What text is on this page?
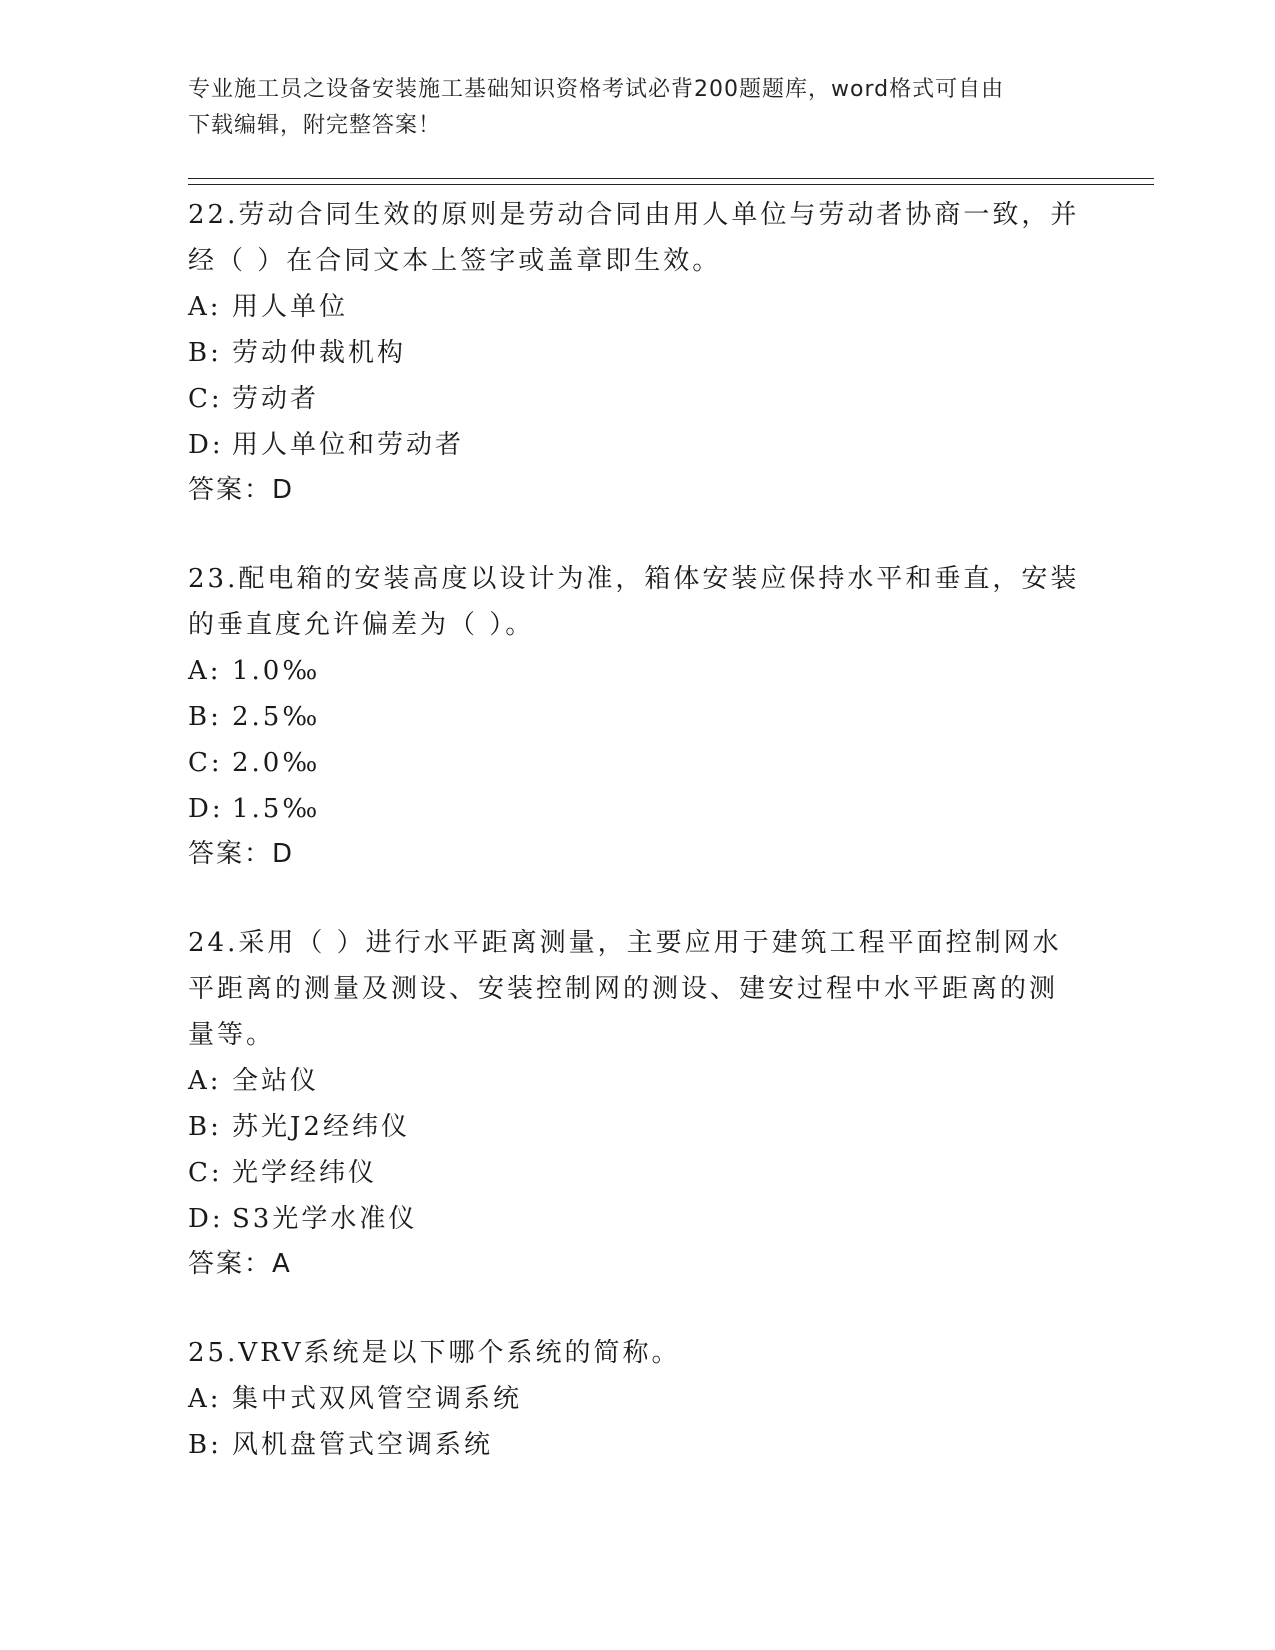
专业施工员之设备安装施工基础知识资格考试必背200题题库，word格式可自由
下载编辑，附完整答案！

22.劳动合同生效的原则是劳动合同由用人单位与劳动者协商一致，并

经（ ）在合同文本上签字或盖章即生效。

A: 用人单位

B: 劳动仲裁机构

C: 劳动者

D: 用人单位和劳动者

答案：D

23.配电箱的安装高度以设计为准，箱体安装应保持水平和垂直，安装

的垂直度允许偏差为（ ）。

A: 1.0‰

B: 2.5‰

C: 2.0‰

D: 1.5‰

答案：D

24.采用（ ）进行水平距离测量，主要应用于建筑工程平面控制网水

平距离的测量及测设、安装控制网的测设、建安过程中水平距离的测

量等。

A: 全站仪

B: 苏光J2经纬仪

C: 光学经纬仪

D: S3光学水准仪

答案：A

25.VRV系统是以下哪个系统的简称。

A: 集中式双风管空调系统

B: 风机盘管式空调系统
